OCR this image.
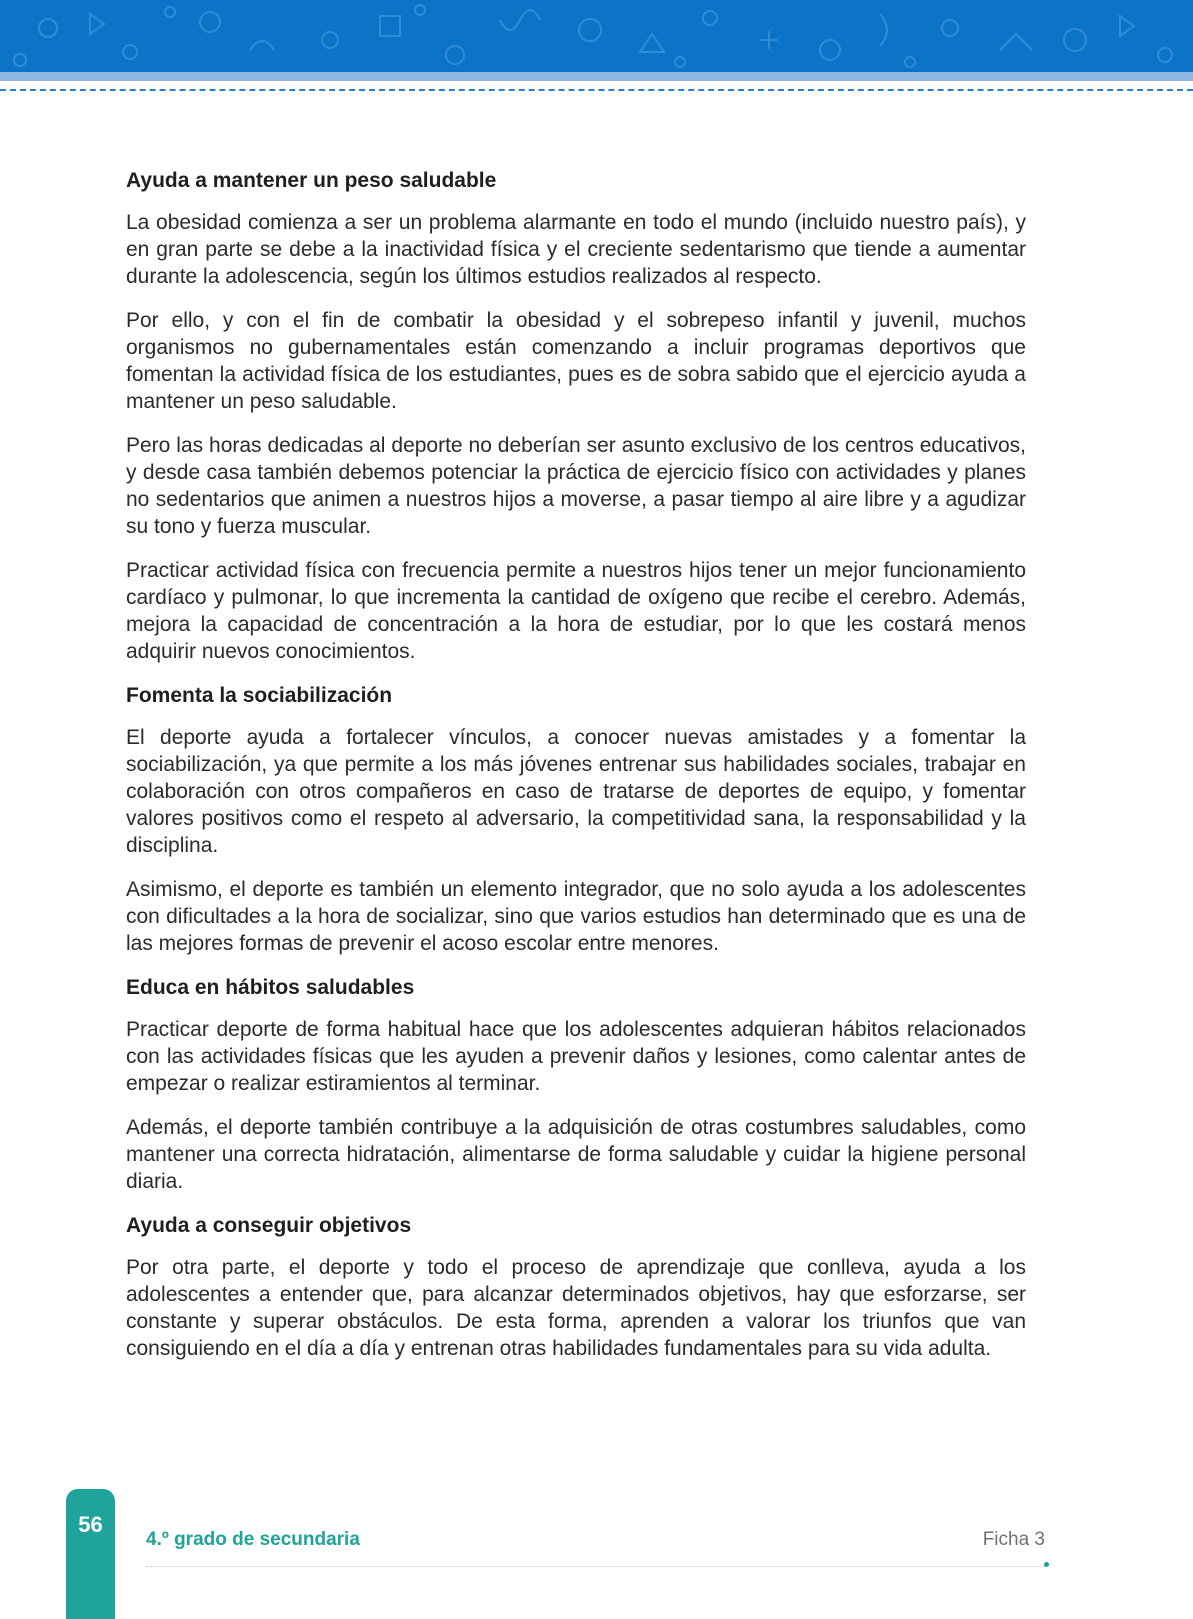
Ayuda a mantener un peso saludable

La obesidad comienza a ser un problema alarmante en todo el mundo (incluido nuestro país), y en gran parte se debe a la inactividad física y el creciente sedentarismo que tiende a aumentar durante la adolescencia, según los últimos estudios realizados al respecto.

Por ello, y con el fin de combatir la obesidad y el sobrepeso infantil y juvenil, muchos organismos no gubernamentales están comenzando a incluir programas deportivos que fomentan la actividad física de los estudiantes, pues es de sobra sabido que el ejercicio ayuda a mantener un peso saludable.

Pero las horas dedicadas al deporte no deberían ser asunto exclusivo de los centros educativos, y desde casa también debemos potenciar la práctica de ejercicio físico con actividades y planes no sedentarios que animen a nuestros hijos a moverse, a pasar tiempo al aire libre y a agudizar su tono y fuerza muscular.

Practicar actividad física con frecuencia permite a nuestros hijos tener un mejor funcionamiento cardíaco y pulmonar, lo que incrementa la cantidad de oxígeno que recibe el cerebro. Además, mejora la capacidad de concentración a la hora de estudiar, por lo que les costará menos adquirir nuevos conocimientos.

Fomenta la sociabilización

El deporte ayuda a fortalecer vínculos, a conocer nuevas amistades y a fomentar la sociabilización, ya que permite a los más jóvenes entrenar sus habilidades sociales, trabajar en colaboración con otros compañeros en caso de tratarse de deportes de equipo, y fomentar valores positivos como el respeto al adversario, la competitividad sana, la responsabilidad y la disciplina.

Asimismo, el deporte es también un elemento integrador, que no solo ayuda a los adolescentes con dificultades a la hora de socializar, sino que varios estudios han determinado que es una de las mejores formas de prevenir el acoso escolar entre menores.

Educa en hábitos saludables

Practicar deporte de forma habitual hace que los adolescentes adquieran hábitos relacionados con las actividades físicas que les ayuden a prevenir daños y lesiones, como calentar antes de empezar o realizar estiramientos al terminar.

Además, el deporte también contribuye a la adquisición de otras costumbres saludables, como mantener una correcta hidratación, alimentarse de forma saludable y cuidar la higiene personal diaria.

Ayuda a conseguir objetivos

Por otra parte, el deporte y todo el proceso de aprendizaje que conlleva, ayuda a los adolescentes a entender que, para alcanzar determinados objetivos, hay que esforzarse, ser constante y superar obstáculos. De esta forma, aprenden a valorar los triunfos que van consiguiendo en el día a día y entrenan otras habilidades fundamentales para su vida adulta.

56
4.º grado de secundaria	Ficha 3
